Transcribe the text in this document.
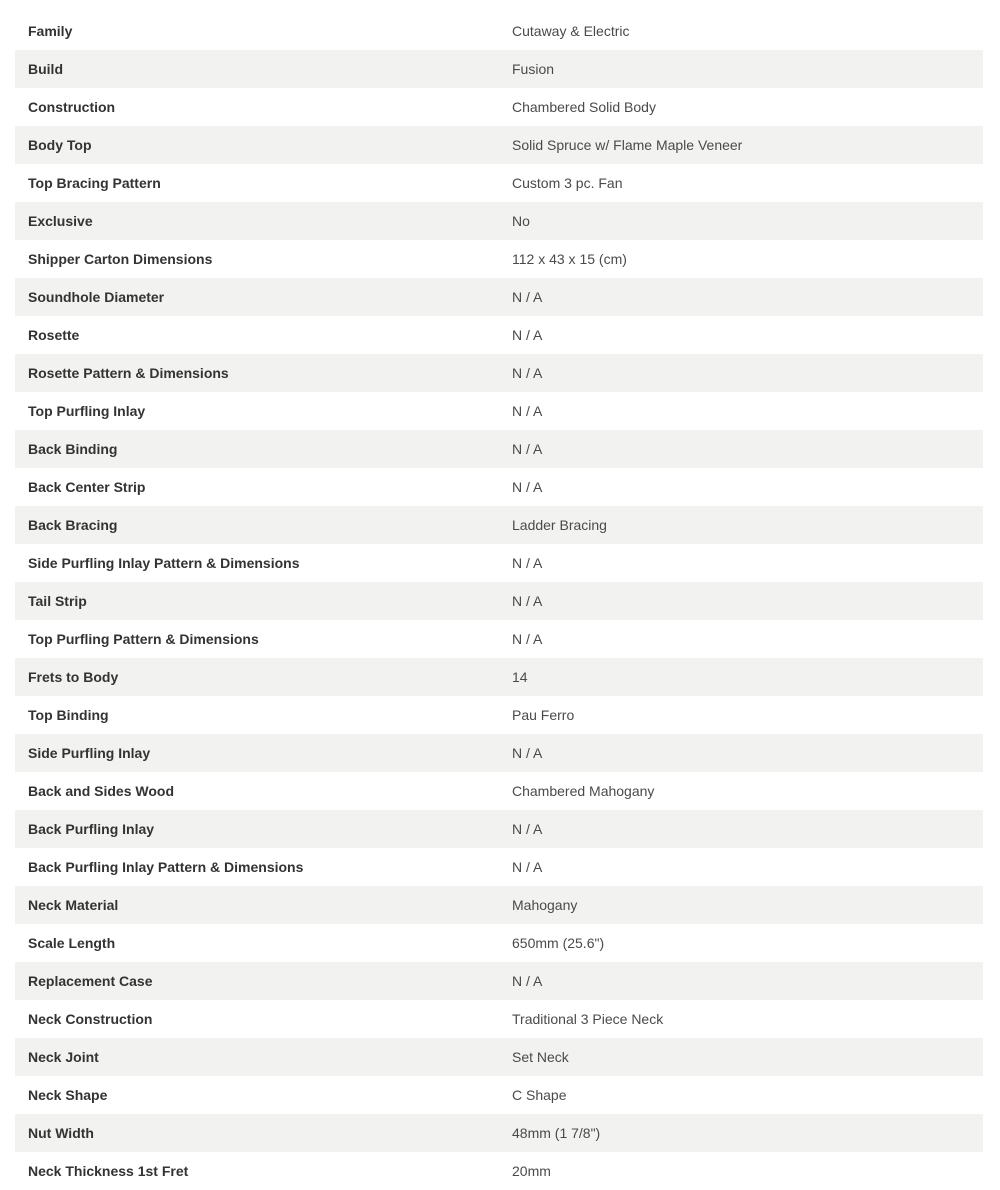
Family	Cutaway & Electric
Build	Fusion
Construction	Chambered Solid Body
Body Top	Solid Spruce w/ Flame Maple Veneer
Top Bracing Pattern	Custom 3 pc. Fan
Exclusive	No
Shipper Carton Dimensions	112 x 43 x 15 (cm)
Soundhole Diameter	N / A
Rosette	N / A
Rosette Pattern & Dimensions	N / A
Top Purfling Inlay	N / A
Back Binding	N / A
Back Center Strip	N / A
Back Bracing	Ladder Bracing
Side Purfling Inlay Pattern & Dimensions	N / A
Tail Strip	N / A
Top Purfling Pattern & Dimensions	N / A
Frets to Body	14
Top Binding	Pau Ferro
Side Purfling Inlay	N / A
Back and Sides Wood	Chambered Mahogany
Back Purfling Inlay	N / A
Back Purfling Inlay Pattern & Dimensions	N / A
Neck Material	Mahogany
Scale Length	650mm (25.6")
Replacement Case	N / A
Neck Construction	Traditional 3 Piece Neck
Neck Joint	Set Neck
Neck Shape	C Shape
Nut Width	48mm (1 7/8")
Neck Thickness 1st Fret	20mm
